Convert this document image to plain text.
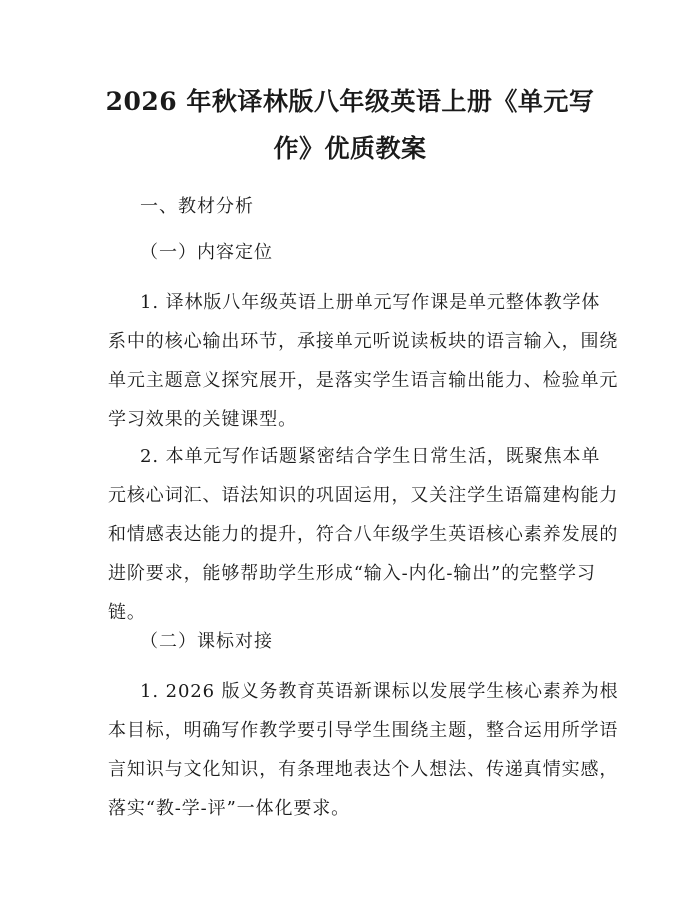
2026 年秋译林版八年级英语上册《单元写
作》优质教案

一、教材分析

（一）内容定位

1. 译林版八年级英语上册单元写作课是单元整体教学体
系中的核心输出环节，承接单元听说读板块的语言输入，围绕
单元主题意义探究展开，是落实学生语言输出能力、检验单元
学习效果的关键课型。

2. 本单元写作话题紧密结合学生日常生活，既聚焦本单
元核心词汇、语法知识的巩固运用，又关注学生语篇建构能力
和情感表达能力的提升，符合八年级学生英语核心素养发展的
进阶要求，能够帮助学生形成“输入-内化-输出”的完整学习
链。

（二）课标对接

1. 2026 版义务教育英语新课标以发展学生核心素养为根
本目标，明确写作教学要引导学生围绕主题，整合运用所学语
言知识与文化知识，有条理地表达个人想法、传递真情实感，
落实“教-学-评”一体化要求。
